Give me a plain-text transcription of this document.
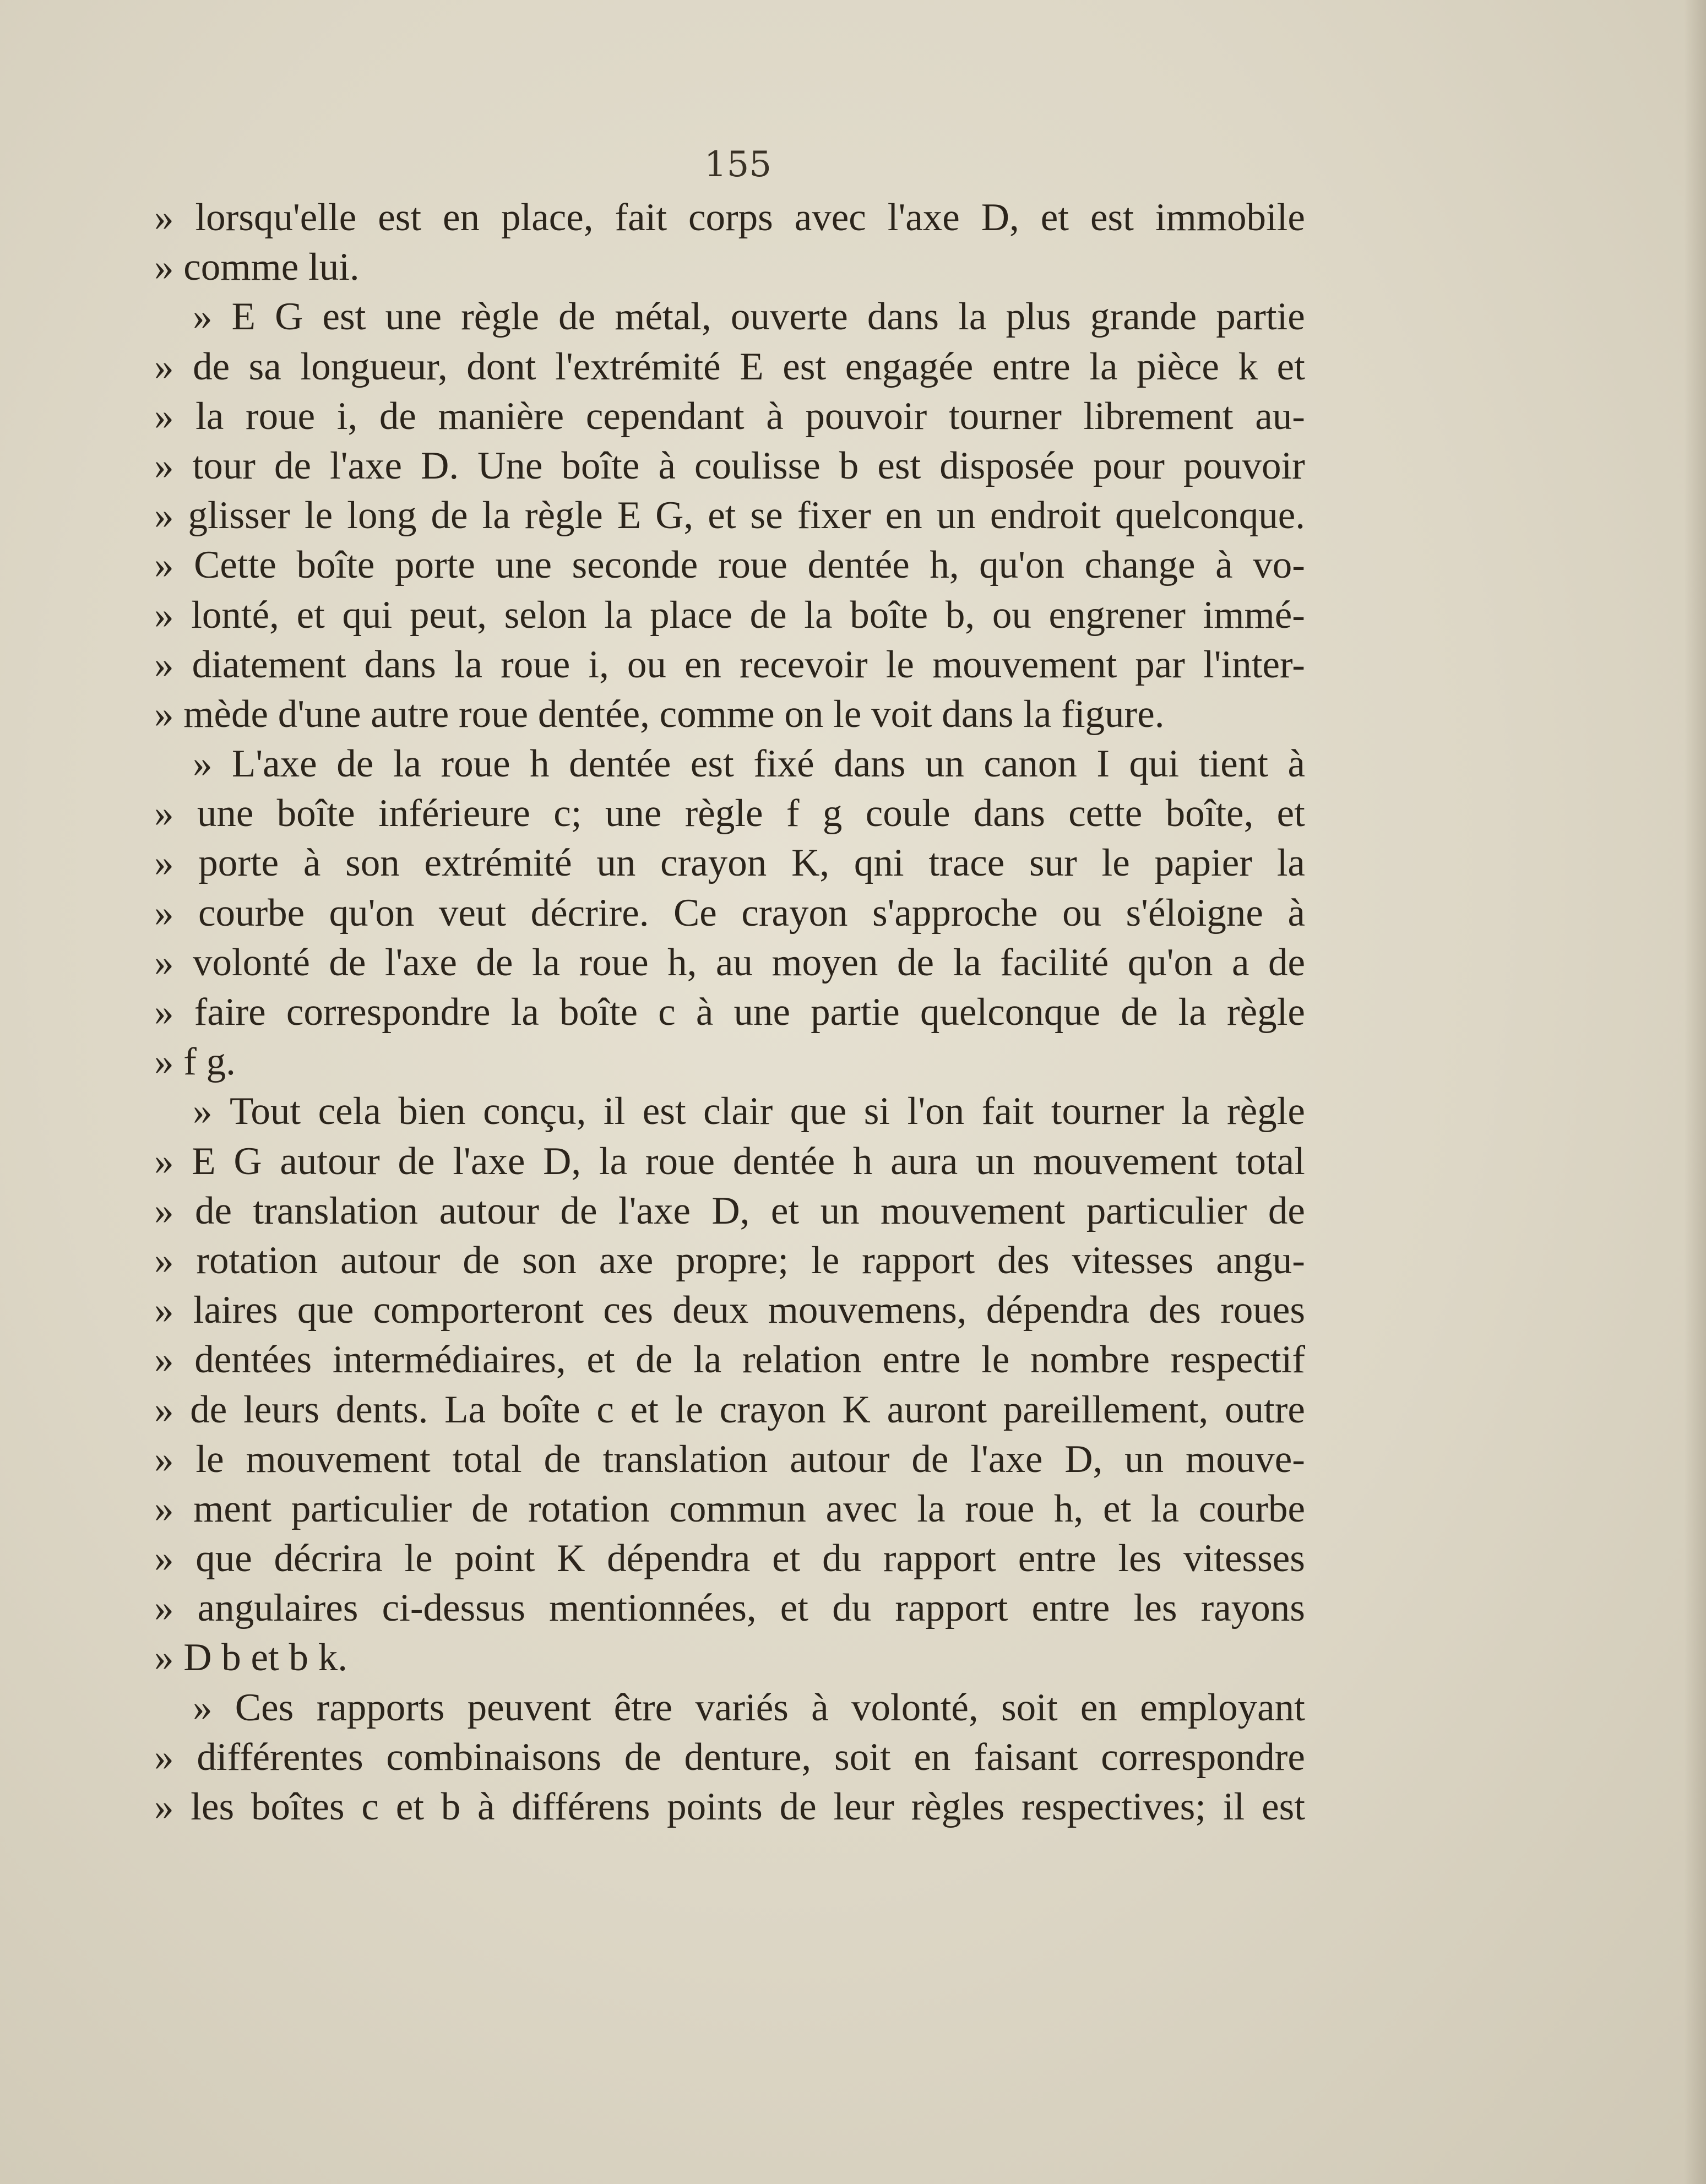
155
» lorsqu'elle est en place, fait corps avec l'axe D, et est immobile
» comme lui.
» E G est une règle de métal, ouverte dans la plus grande partie
» de sa longueur, dont l'extrémité E est engagée entre la pièce k et
» la roue i, de manière cependant à pouvoir tourner librement au-
» tour de l'axe D. Une boîte à coulisse b est disposée pour pouvoir
» glisser le long de la règle E G, et se fixer en un endroit quelconque.
» Cette boîte porte une seconde roue dentée h, qu'on change à vo-
» lonté, et qui peut, selon la place de la boîte b, ou engrener immé-
» diatement dans la roue i, ou en recevoir le mouvement par l'inter-
» mède d'une autre roue dentée, comme on le voit dans la figure.
» L'axe de la roue h dentée est fixé dans un canon I qui tient à
» une boîte inférieure c; une règle f g coule dans cette boîte, et
» porte à son extrémité un crayon K, qni trace sur le papier la
» courbe qu'on veut décrire. Ce crayon s'approche ou s'éloigne à
» volonté de l'axe de la roue h, au moyen de la facilité qu'on a de
» faire correspondre la boîte c à une partie quelconque de la règle
» f g.
» Tout cela bien conçu, il est clair que si l'on fait tourner la règle
» E G autour de l'axe D, la roue dentée h aura un mouvement total
» de translation autour de l'axe D, et un mouvement particulier de
» rotation autour de son axe propre; le rapport des vitesses angu-
» laires que comporteront ces deux mouvemens, dépendra des roues
» dentées intermédiaires, et de la relation entre le nombre respectif
» de leurs dents. La boîte c et le crayon K auront pareillement, outre
» le mouvement total de translation autour de l'axe D, un mouve-
» ment particulier de rotation commun avec la roue h, et la courbe
» que décrira le point K dépendra et du rapport entre les vitesses
» angulaires ci-dessus mentionnées, et du rapport entre les rayons
» D b et b k.
» Ces rapports peuvent être variés à volonté, soit en employant
» différentes combinaisons de denture, soit en faisant correspondre
» les boîtes c et b à différens points de leur règles respectives; il est
